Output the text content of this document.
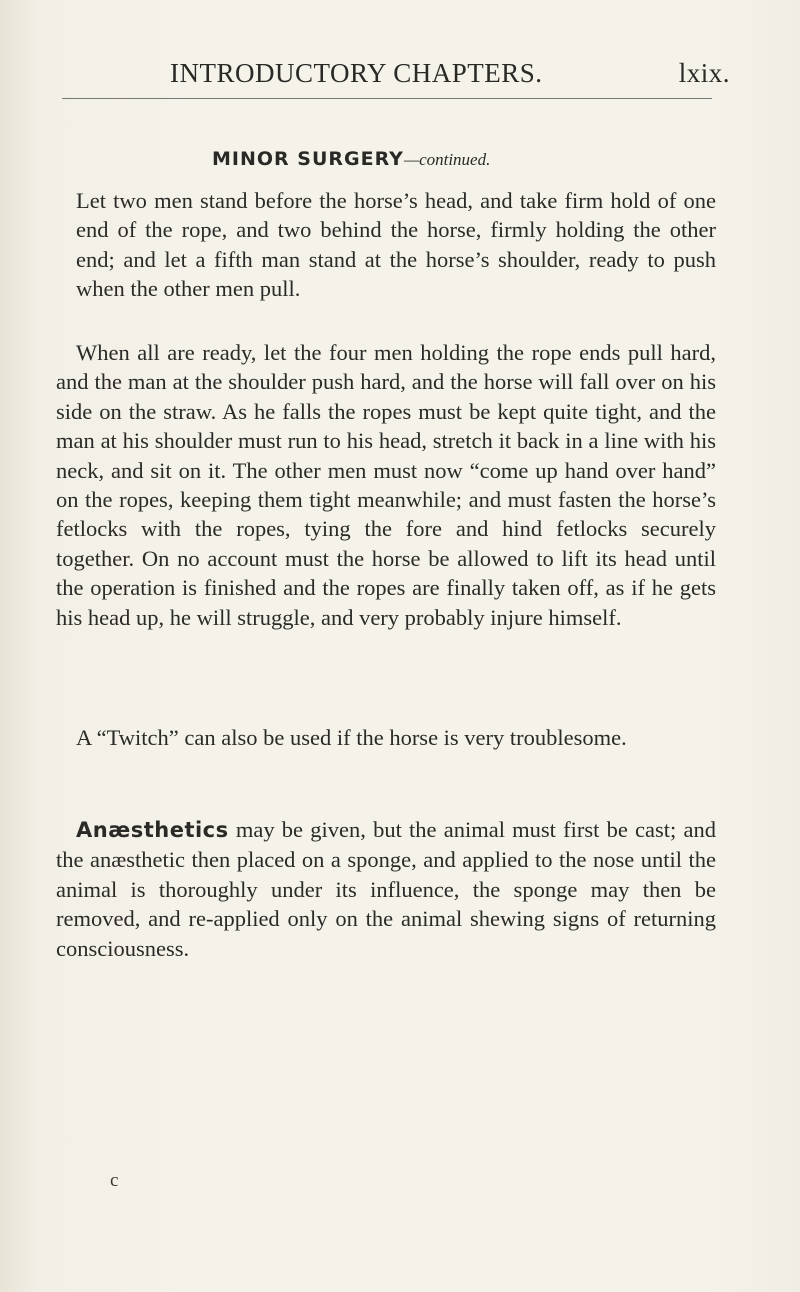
INTRODUCTORY CHAPTERS.	lxix.
MINOR SURGERY—continued.

Let two men stand before the horse’s head, and take firm hold of one end of the rope, and two behind the horse, firmly holding the other end; and let a fifth man stand at the horse’s shoulder, ready to push when the other men pull.

When all are ready, let the four men holding the rope ends pull hard, and the man at the shoulder push hard, and the horse will fall over on his side on the straw. As he falls the ropes must be kept quite tight, and the man at his shoulder must run to his head, stretch it back in a line with his neck, and sit on it. The other men must now “come up hand over hand” on the ropes, keeping them tight meanwhile; and must fasten the horse’s fetlocks with the ropes, tying the fore and hind fetlocks securely together. On no account must the horse be allowed to lift its head until the operation is finished and the ropes are finally taken off, as if he gets his head up, he will struggle, and very probably injure himself.

A “Twitch” can also be used if the horse is very troublesome.

Anæsthetics may be given, but the animal must first be cast; and the anæsthetic then placed on a sponge, and applied to the nose until the animal is thoroughly under its influence, the sponge may then be removed, and re-applied only on the animal shewing signs of returning consciousness.

c
